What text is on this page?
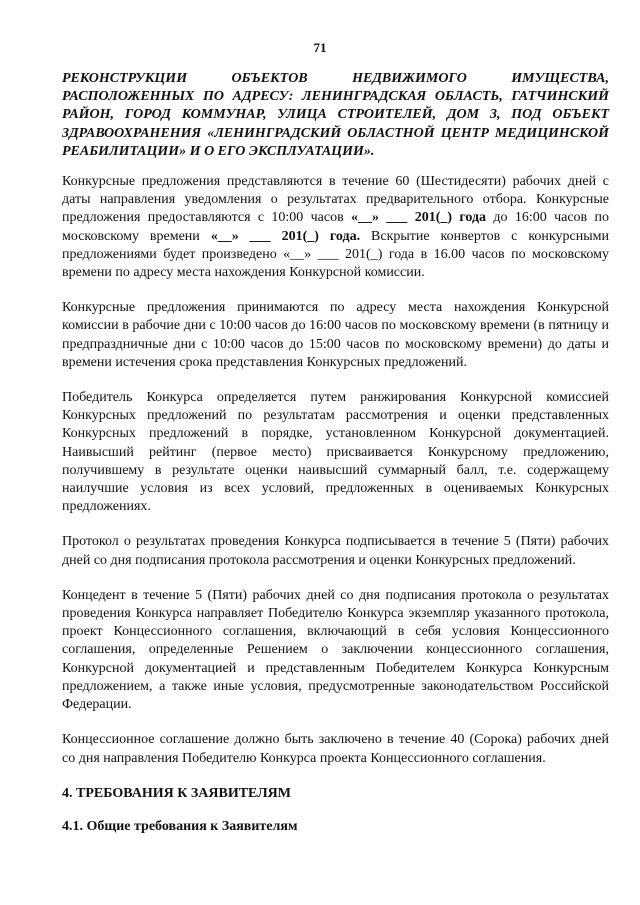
71

РЕКОНСТРУКЦИИ ОБЪЕКТОВ НЕДВИЖИМОГО ИМУЩЕСТВА, РАСПОЛОЖЕННЫХ ПО АДРЕСУ: ЛЕНИНГРАДСКАЯ ОБЛАСТЬ, ГАТЧИНСКИЙ РАЙОН, ГОРОД КОММУНАР, УЛИЦА СТРОИТЕЛЕЙ, ДОМ 3, ПОД ОБЪЕКТ ЗДРАВООХРАНЕНИЯ «ЛЕНИНГРАДСКИЙ ОБЛАСТНОЙ ЦЕНТР МЕДИЦИНСКОЙ РЕАБИЛИТАЦИИ» И О ЕГО ЭКСПЛУАТАЦИИ».

Конкурсные предложения представляются в течение 60 (Шестидесяти) рабочих дней с даты направления уведомления о результатах предварительного отбора. Конкурсные предложения предоставляются с 10:00 часов «__» ___ 201(_) года до 16:00 часов по московскому времени «__» ___ 201(_) года. Вскрытие конвертов с конкурсными предложениями будет произведено «__» ___ 201(_) года в 16.00 часов по московскому времени по адресу места нахождения Конкурсной комиссии.

Конкурсные предложения принимаются по адресу места нахождения Конкурсной комиссии в рабочие дни с 10:00 часов до 16:00 часов по московскому времени (в пятницу и предпраздничные дни с 10:00 часов до 15:00 часов по московскому времени) до даты и времени истечения срока представления Конкурсных предложений.

Победитель Конкурса определяется путем ранжирования Конкурсной комиссией Конкурсных предложений по результатам рассмотрения и оценки представленных Конкурсных предложений в порядке, установленном Конкурсной документацией. Наивысший рейтинг (первое место) присваивается Конкурсному предложению, получившему в результате оценки наивысший суммарный балл, т.е. содержащему наилучшие условия из всех условий, предложенных в оцениваемых Конкурсных предложениях.

Протокол о результатах проведения Конкурса подписывается в течение 5 (Пяти) рабочих дней со дня подписания протокола рассмотрения и оценки Конкурсных предложений.

Концедент в течение 5 (Пяти) рабочих дней со дня подписания протокола о результатах проведения Конкурса направляет Победителю Конкурса экземпляр указанного протокола, проект Концессионного соглашения, включающий в себя условия Концессионного соглашения, определенные Решением о заключении концессионного соглашения, Конкурсной документацией и представленным Победителем Конкурса Конкурсным предложением, а также иные условия, предусмотренные законодательством Российской Федерации.

Концессионное соглашение должно быть заключено в течение 40 (Сорока) рабочих дней со дня направления Победителю Конкурса проекта Концессионного соглашения.

4. ТРЕБОВАНИЯ К ЗАЯВИТЕЛЯМ

4.1. Общие требования к Заявителям
